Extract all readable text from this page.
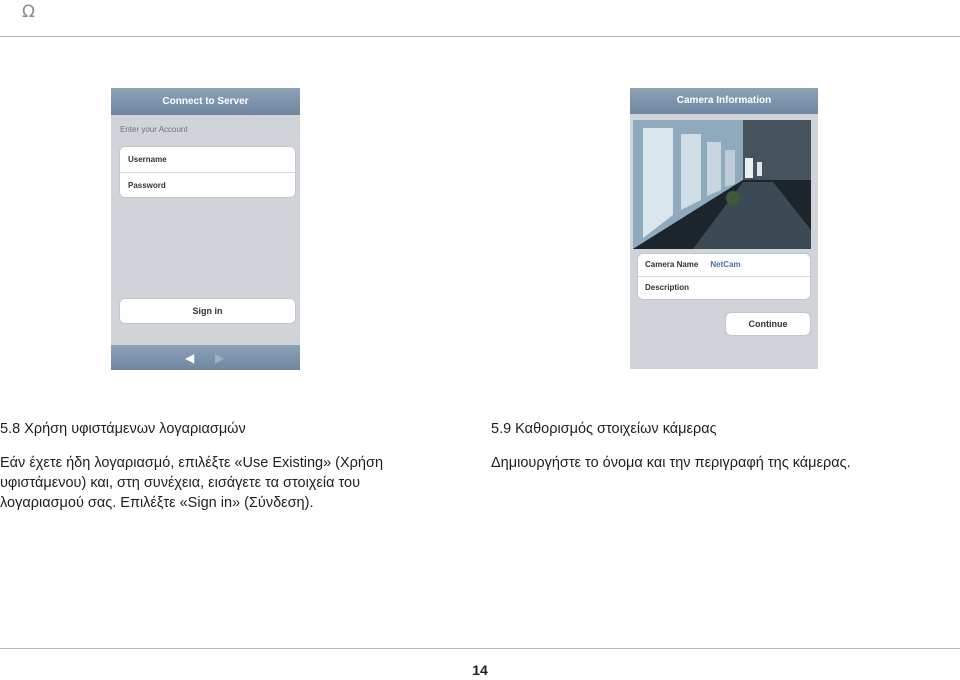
Ω
Connect to Server
Enter your Account
Username
Password
Sign in
◀ ▶
Camera Information
Camera Name NetCam
Description
Continue
5.8 Χρήση υφιστάμενων λογαριασμών
Εάν έχετε ήδη λογαριασμό, επιλέξτε «Use Existing» (Χρήση
υφιστάμενου) και, στη συνέχεια, εισάγετε τα στοιχεία του
λογαριασμού σας. Επιλέξτε «Sign in» (Σύνδεση).
5.9 Καθορισμός στοιχείων κάμερας
Δημιουργήστε το όνομα και την περιγραφή της κάμερας.
14
